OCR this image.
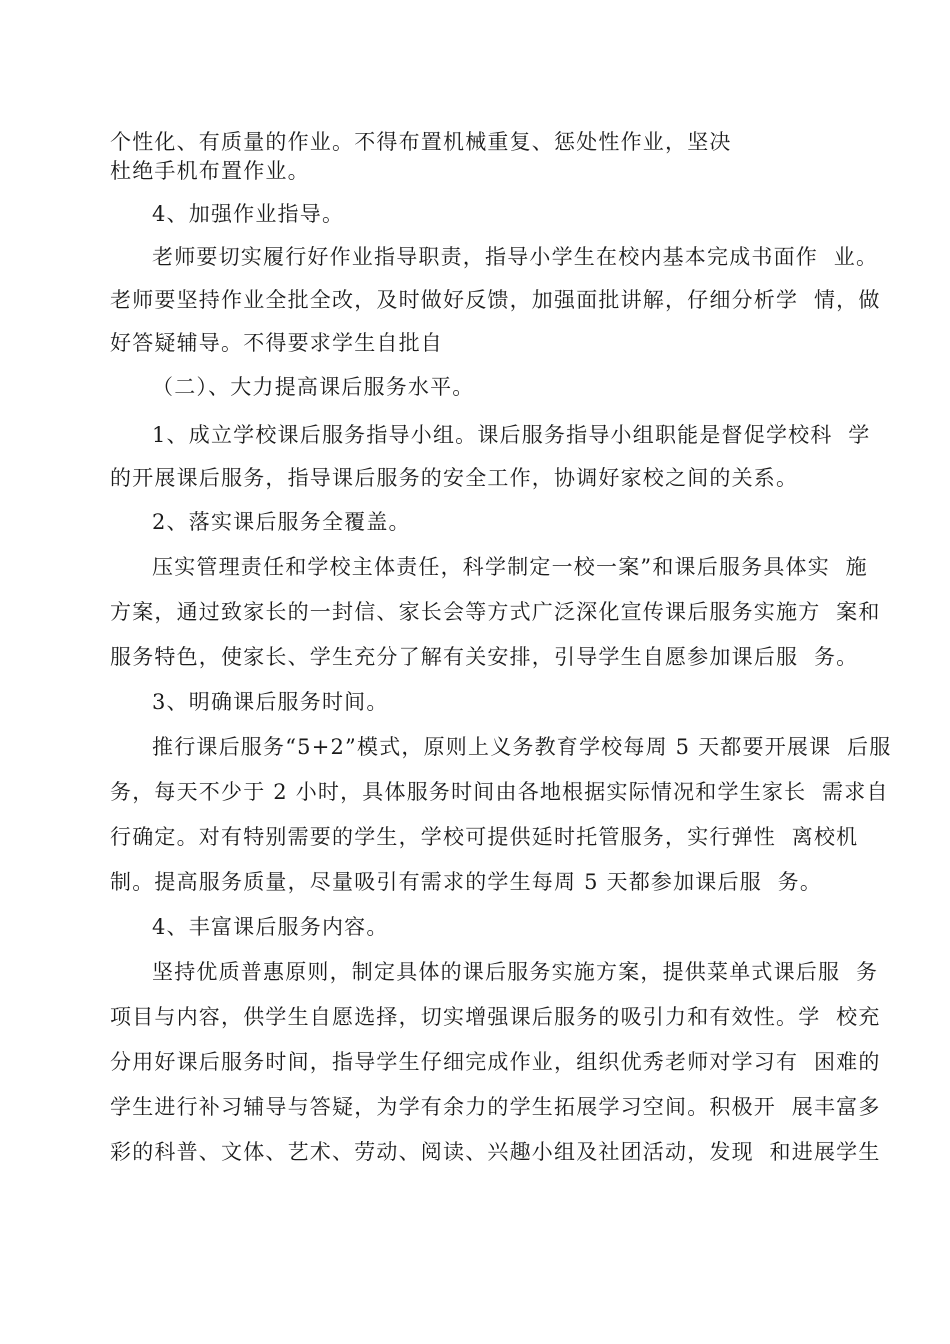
个性化、有质量的作业。不得布置机械重复、惩处性作业，坚决
杜绝手机布置作业。
4、加强作业指导。
老师要切实履行好作业指导职责，指导小学生在校内基本完成书面作  业。
老师要坚持作业全批全改，及时做好反馈，加强面批讲解，仔细分析学  情，做
好答疑辅导。不得要求学生自批自
（二）、大力提高课后服务水平。
1、成立学校课后服务指导小组。课后服务指导小组职能是督促学校科  学
的开展课后服务，指导课后服务的安全工作，协调好家校之间的关系。
2、落实课后服务全覆盖。
压实管理责任和学校主体责任，科学制定一校一案”和课后服务具体实  施
方案，通过致家长的一封信、家长会等方式广泛深化宣传课后服务实施方  案和
服务特色，使家长、学生充分了解有关安排，引导学生自愿参加课后服  务。
3、明确课后服务时间。
推行课后服务“5+2”模式，原则上义务教育学校每周 5 天都要开展课  后服
务，每天不少于 2 小时，具体服务时间由各地根据实际情况和学生家长  需求自
行确定。对有特别需要的学生，学校可提供延时托管服务，实行弹性  离校机
制。提高服务质量，尽量吸引有需求的学生每周 5 天都参加课后服  务。
4、丰富课后服务内容。
坚持优质普惠原则，制定具体的课后服务实施方案，提供菜单式课后服  务
项目与内容，供学生自愿选择，切实增强课后服务的吸引力和有效性。学  校充
分用好课后服务时间，指导学生仔细完成作业，组织优秀老师对学习有  困难的
学生进行补习辅导与答疑，为学有余力的学生拓展学习空间。积极开  展丰富多
彩的科普、文体、艺术、劳动、阅读、兴趣小组及社团活动，发现  和进展学生
